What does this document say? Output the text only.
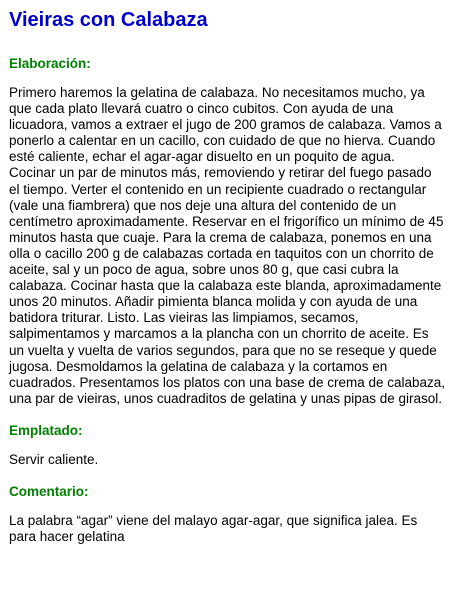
Vieiras con Calabaza
Elaboración:

Primero haremos la gelatina de calabaza. No necesitamos mucho, ya que cada plato llevará cuatro o cinco cubitos. Con ayuda de una licuadora, vamos a extraer el jugo de 200 gramos de calabaza. Vamos a ponerlo a calentar en un cacillo, con cuidado de que no hierva. Cuando esté caliente, echar el agar-agar disuelto en un poquito de agua. Cocinar un par de minutos más, removiendo y retirar del fuego pasado el tiempo. Verter el contenido en un recipiente cuadrado o rectangular (vale una fiambrera) que nos deje una altura del contenido de un centímetro aproximadamente. Reservar en el frigorífico un mínimo de 45 minutos hasta que cuaje. Para la crema de calabaza, ponemos en una olla o cacillo 200 g de calabazas cortada en taquitos con un chorrito de aceite, sal y un poco de agua, sobre unos 80 g, que casi cubra la calabaza. Cocinar hasta que la calabaza este blanda, aproximadamente unos 20 minutos. Añadir pimienta blanca molida y con ayuda de una batidora triturar. Listo. Las vieiras las limpiamos, secamos, salpimentamos y marcamos a la plancha con un chorrito de aceite. Es un vuelta y vuelta de varios segundos, para que no se reseque y quede jugosa. Desmoldamos la gelatina de calabaza y la cortamos en cuadrados. Presentamos los platos con una base de crema de calabaza, una par de vieiras, unos cuadraditos de gelatina y unas pipas de girasol.

Emplatado:

Servir caliente.

Comentario:

La palabra “agar” viene del malayo agar-agar, que significa jalea. Es para hacer gelatina
